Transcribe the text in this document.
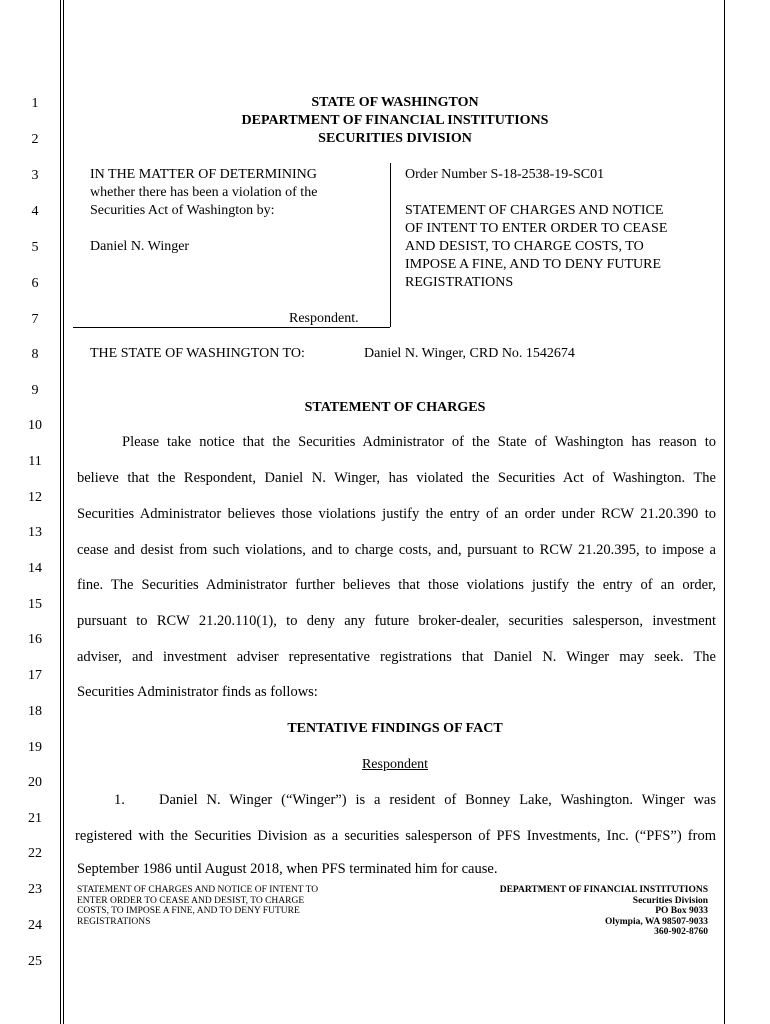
1
2
3
4
5
6
7
8
9
10
11
12
13
14
15
16
17
18
19
20
21
22
23
24
25
STATE OF WASHINGTON
DEPARTMENT OF FINANCIAL INSTITUTIONS
SECURITIES DIVISION
IN THE MATTER OF DETERMINING
whether there has been a violation of the
Securities Act of Washington by:
Daniel N. Winger
Respondent.
Order Number S-18-2538-19-SC01
STATEMENT OF CHARGES AND NOTICE
OF INTENT TO ENTER ORDER TO CEASE
AND DESIST, TO CHARGE COSTS, TO
IMPOSE A FINE, AND TO DENY FUTURE
REGISTRATIONS
THE STATE OF WASHINGTON TO:	Daniel N. Winger, CRD No. 1542674
STATEMENT OF CHARGES
Please take notice that the Securities Administrator of the State of Washington has reason to
believe that the Respondent, Daniel N. Winger, has violated the Securities Act of Washington. The
Securities Administrator believes those violations justify the entry of an order under RCW 21.20.390 to
cease and desist from such violations, and to charge costs, and, pursuant to RCW 21.20.395, to impose a
fine. The Securities Administrator further believes that those violations justify the entry of an order,
pursuant to RCW 21.20.110(1), to deny any future broker-dealer, securities salesperson, investment
adviser, and investment adviser representative registrations that Daniel N. Winger may seek. The
Securities Administrator finds as follows:
TENTATIVE FINDINGS OF FACT
Respondent
1. Daniel N. Winger (“Winger”) is a resident of Bonney Lake, Washington. Winger was
registered with the Securities Division as a securities salesperson of PFS Investments, Inc. (“PFS”) from
September 1986 until August 2018, when PFS terminated him for cause.
STATEMENT OF CHARGES AND NOTICE OF INTENT TO
ENTER ORDER TO CEASE AND DESIST, TO CHARGE
COSTS, TO IMPOSE A FINE, AND TO DENY FUTURE
REGISTRATIONS
DEPARTMENT OF FINANCIAL INSTITUTIONS
Securities Division
PO Box 9033
Olympia, WA 98507-9033
360-902-8760
